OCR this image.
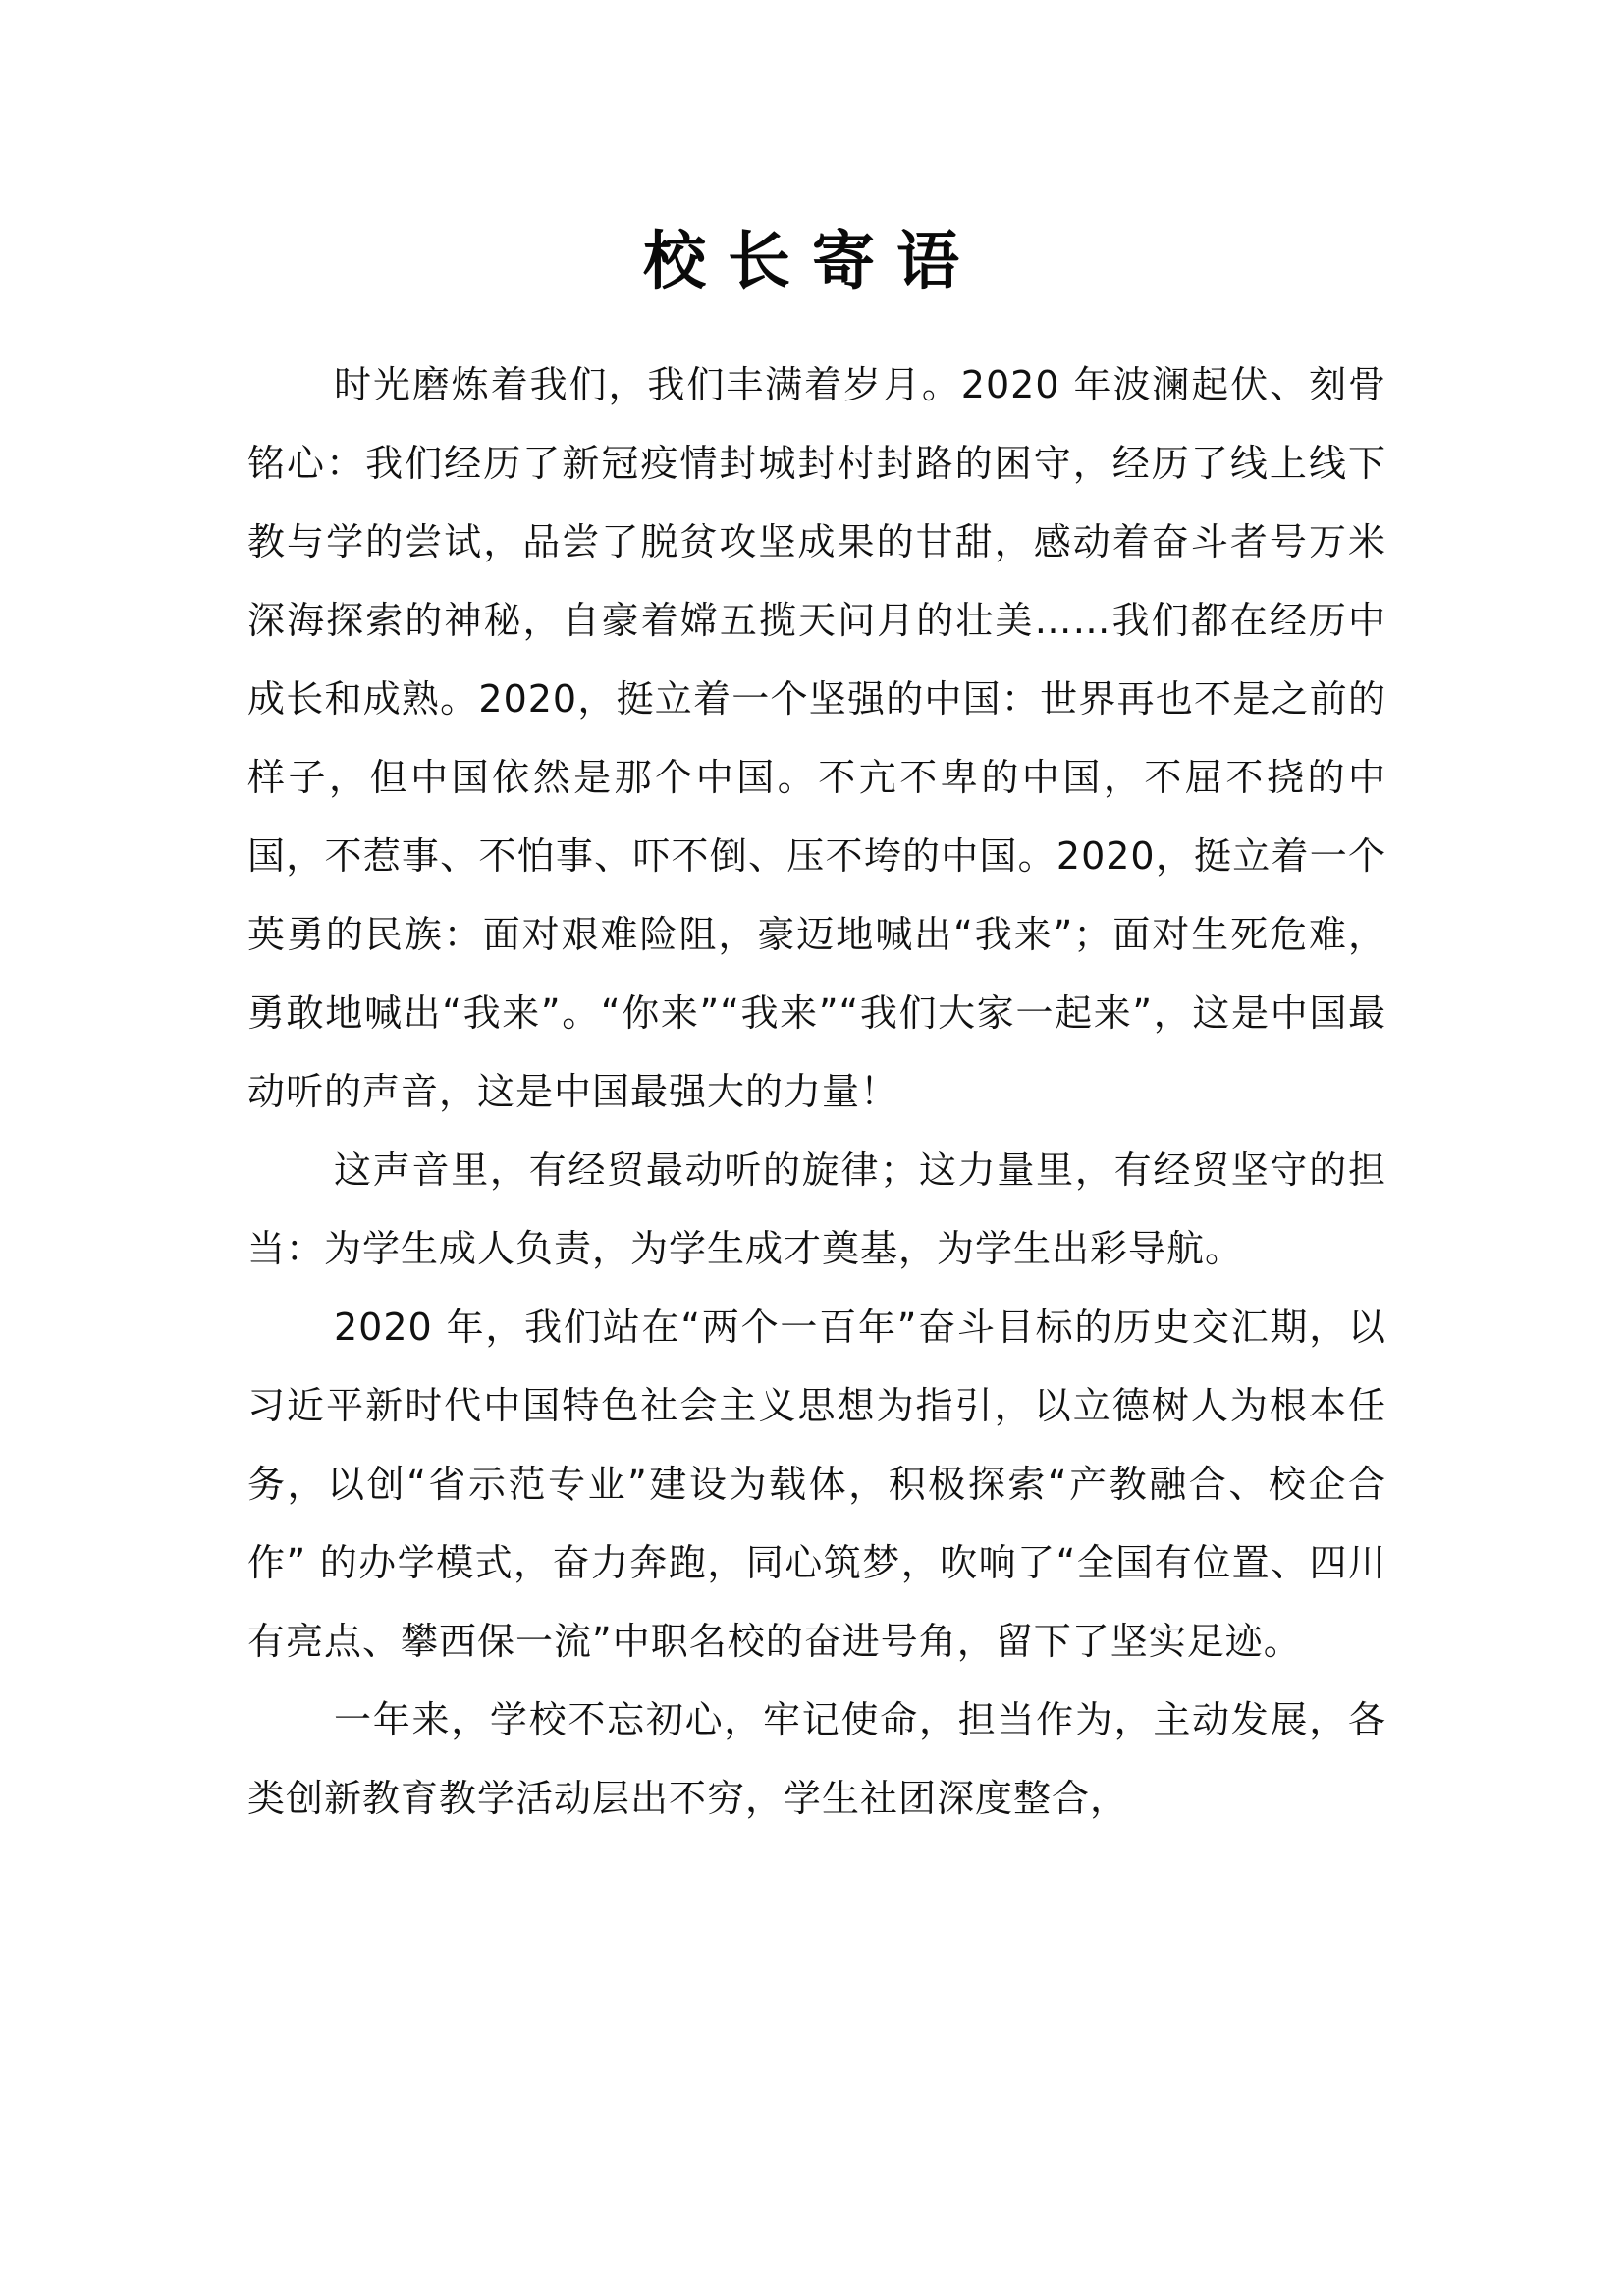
校长寄语

时光磨炼着我们，我们丰满着岁月。2020 年波澜起伏、刻骨铭心：我们经历了新冠疫情封城封村封路的困守，经历了线上线下教与学的尝试，品尝了脱贫攻坚成果的甘甜，感动着奋斗者号万米深海探索的神秘，自豪着嫦五揽天问月的壮美……我们都在经历中成长和成熟。2020，挺立着一个坚强的中国：世界再也不是之前的样子，但中国依然是那个中国。不亢不卑的中国，不屈不挠的中国，不惹事、不怕事、吓不倒、压不垮的中国。2020，挺立着一个英勇的民族：面对艰难险阻，豪迈地喊出“我来”；面对生死危难，勇敢地喊出“我来”。“你来”“我来”“我们大家一起来”，这是中国最动听的声音，这是中国最强大的力量！

这声音里，有经贸最动听的旋律；这力量里，有经贸坚守的担当：为学生成人负责，为学生成才奠基，为学生出彩导航。

2020 年，我们站在“两个一百年”奋斗目标的历史交汇期，以习近平新时代中国特色社会主义思想为指引，以立德树人为根本任务，以创“省示范专业”建设为载体，积极探索“产教融合、校企合作” 的办学模式，奋力奔跑，同心筑梦，吹响了“全国有位置、四川有亮点、攀西保一流”中职名校的奋进号角，留下了坚实足迹。

一年来，学校不忘初心，牢记使命，担当作为，主动发展，各类创新教育教学活动层出不穷，学生社团深度整合，
